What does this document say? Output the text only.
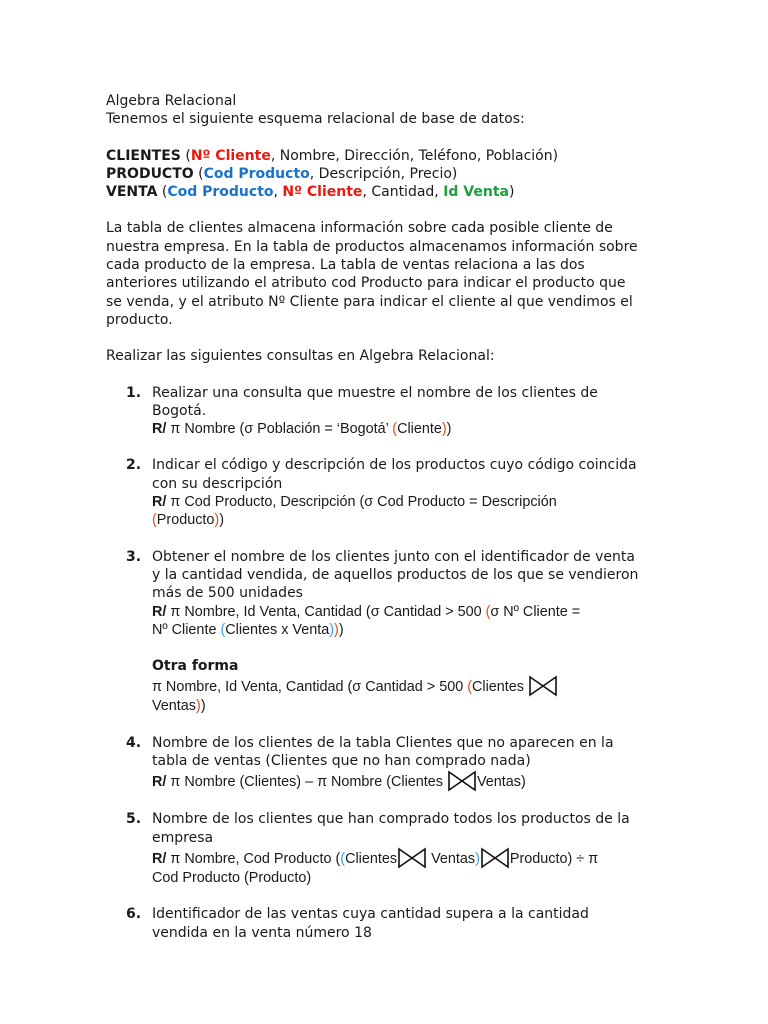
Algebra Relacional
Tenemos el siguiente esquema relacional de base de datos:
CLIENTES (Nº Cliente, Nombre, Dirección, Teléfono, Población)
PRODUCTO (Cod Producto, Descripción, Precio)
VENTA (Cod Producto, Nº Cliente, Cantidad, Id Venta)
La tabla de clientes almacena información sobre cada posible cliente de
nuestra empresa. En la tabla de productos almacenamos información sobre
cada producto de la empresa. La tabla de ventas relaciona a las dos
anteriores utilizando el atributo cod Producto para indicar el producto que
se venda, y el atributo Nº Cliente para indicar el cliente al que vendimos el
producto.
Realizar las siguientes consultas en Algebra Relacional:
1. Realizar una consulta que muestre el nombre de los clientes de
Bogotá.
R/ π Nombre (σ Población = ‘Bogotá’ (Cliente))
2. Indicar el código y descripción de los productos cuyo código coincida
con su descripción
R/ π Cod Producto, Descripción (σ Cod Producto = Descripción
(Producto))
3. Obtener el nombre de los clientes junto con el identificador de venta
y la cantidad vendida, de aquellos productos de los que se vendieron
más de 500 unidades
R/ π Nombre, Id Venta, Cantidad (σ Cantidad > 500 (σ Nº Cliente =
Nº Cliente (Clientes x Venta)))
Otra forma
π Nombre, Id Venta, Cantidad (σ Cantidad > 500 (Clientes
Ventas))
4. Nombre de los clientes de la tabla Clientes que no aparecen en la
tabla de ventas (Clientes que no han comprado nada)
R/ π Nombre (Clientes) – π Nombre (Clientes
Ventas)
5. Nombre de los clientes que han comprado todos los productos de la
empresa
R/ π Nombre, Cod Producto ((Clientes
Ventas) Producto) ÷ π
Cod Producto (Producto)
6. Identificador de las ventas cuya cantidad supera a la cantidad
vendida en la venta número 18
